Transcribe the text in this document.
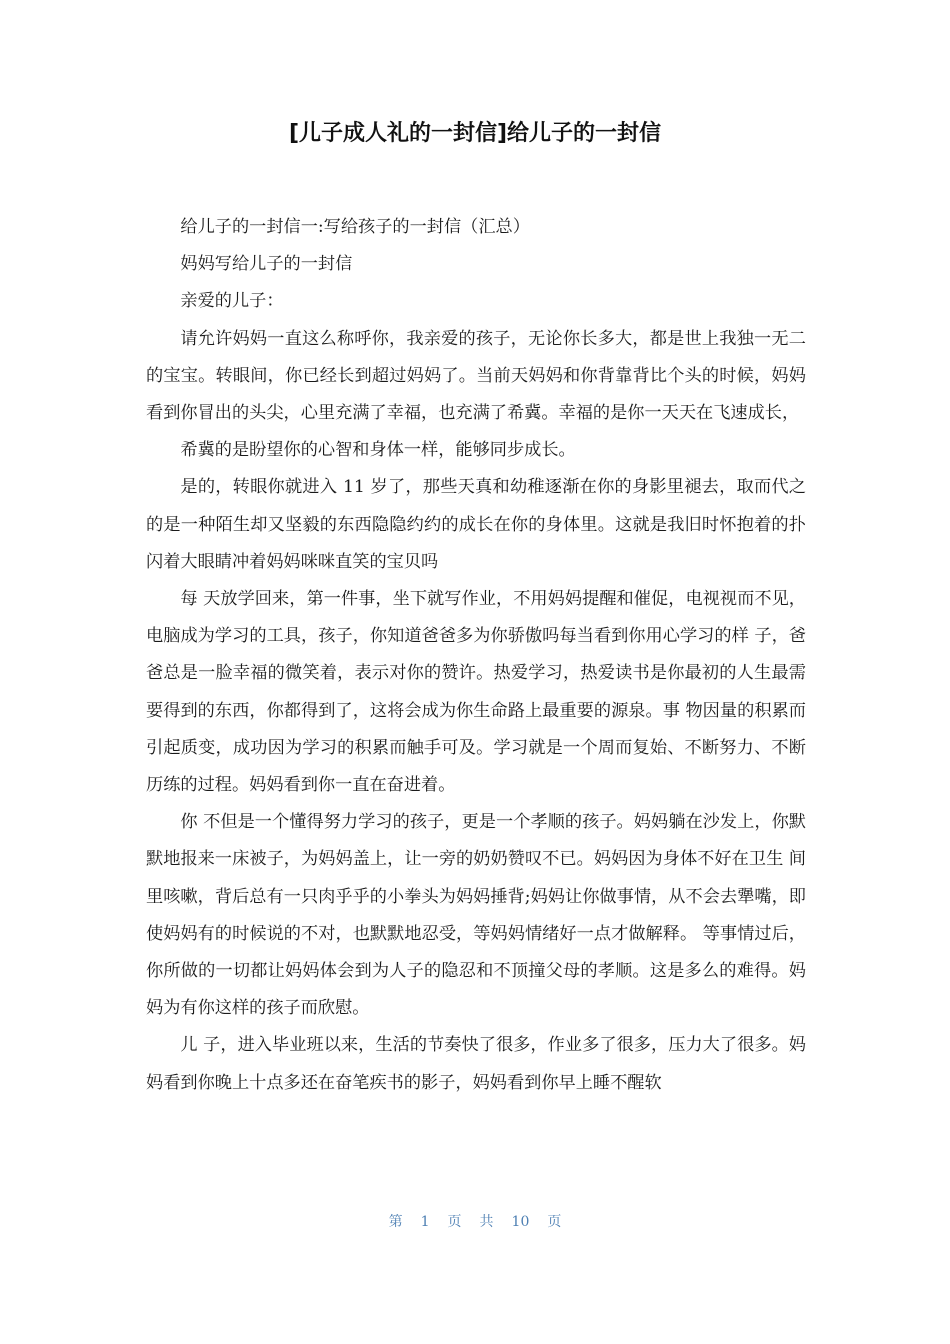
[儿子成人礼的一封信]给儿子的一封信

给儿子的一封信一:写给孩子的一封信（汇总）

妈妈写给儿子的一封信

亲爱的儿子：

请允许妈妈一直这么称呼你，我亲爱的孩子，无论你长多大，都是世上我独一无二的宝宝。转眼间，你已经长到超过妈妈了。当前天妈妈和你背靠背比个头的时候，妈妈看到你冒出的头尖，心里充满了幸福，也充满了希冀。幸福的是你一天天在飞速成长，

希冀的是盼望你的心智和身体一样，能够同步成长。

是的，转眼你就进入 11 岁了，那些天真和幼稚逐渐在你的身影里褪去，取而代之的是一种陌生却又坚毅的东西隐隐约约的成长在你的身体里。这就是我旧时怀抱着的扑闪着大眼睛冲着妈妈咪咪直笑的宝贝吗

每 天放学回来，第一件事，坐下就写作业，不用妈妈提醒和催促，电视视而不见，电脑成为学习的工具，孩子，你知道爸爸多为你骄傲吗每当看到你用心学习的样 子，爸爸总是一脸幸福的微笑着，表示对你的赞许。热爱学习，热爱读书是你最初的人生最需要得到的东西，你都得到了，这将会成为你生命路上最重要的源泉。事 物因量的积累而引起质变，成功因为学习的积累而触手可及。学习就是一个周而复始、不断努力、不断历练的过程。妈妈看到你一直在奋进着。

你 不但是一个懂得努力学习的孩子，更是一个孝顺的孩子。妈妈躺在沙发上，你默默地报来一床被子，为妈妈盖上，让一旁的奶奶赞叹不已。妈妈因为身体不好在卫生 间里咳嗽，背后总有一只肉乎乎的小拳头为妈妈捶背;妈妈让你做事情，从不会去犟嘴，即使妈妈有的时候说的不对，也默默地忍受，等妈妈情绪好一点才做解释。 等事情过后，你所做的一切都让妈妈体会到为人子的隐忍和不顶撞父母的孝顺。这是多么的难得。妈妈为有你这样的孩子而欣慰。

儿 子，进入毕业班以来，生活的节奏快了很多，作业多了很多，压力大了很多。妈妈看到你晚上十点多还在奋笔疾书的影子，妈妈看到你早上睡不醒软

第 1 页 共 10 页
